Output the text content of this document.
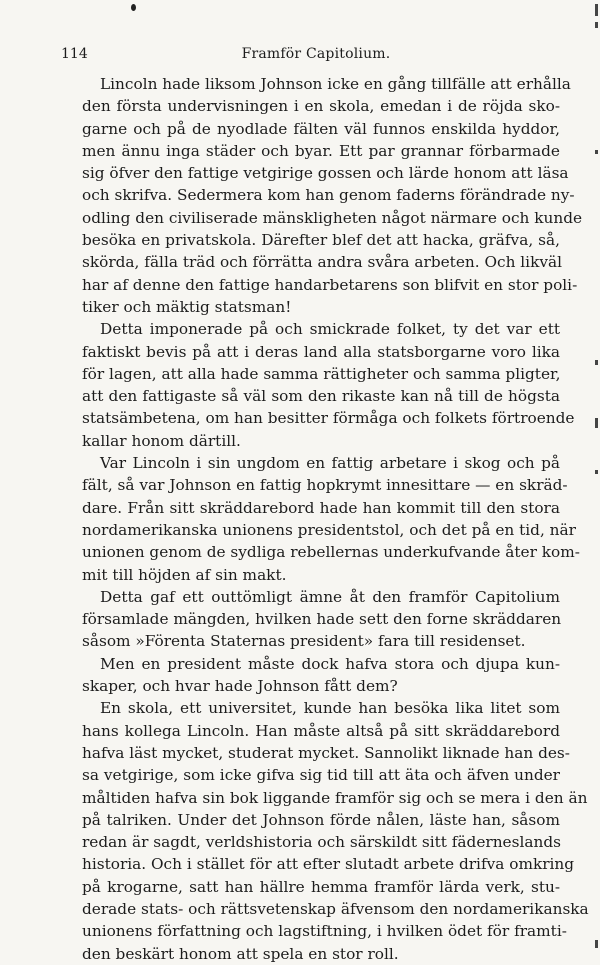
114	Framför Capitolium.
Lincoln hade liksom Johnson icke en gång tillfälle att erhålla
den första undervisningen i en skola, emedan i de röjda sko-
garne och på de nyodlade fälten väl funnos enskilda hyddor,
men ännu inga städer och byar. Ett par grannar förbarmade
sig öfver den fattige vetgirige gossen och lärde honom att läsa
och skrifva. Sedermera kom han genom faderns förändrade ny-
odling den civiliserade mänskligheten något närmare och kunde
besöka en privatskola. Därefter blef det att hacka, gräfva, så,
skörda, fälla träd och förrätta andra svåra arbeten. Och likväl
har af denne den fattige handarbetarens son blifvit en stor poli-
tiker och mäktig statsman!
Detta imponerade på och smickrade folket, ty det var ett
faktiskt bevis på att i deras land alla statsborgarne voro lika
för lagen, att alla hade samma rättigheter och samma pligter,
att den fattigaste så väl som den rikaste kan nå till de högsta
statsämbetena, om han besitter förmåga och folkets förtroende
kallar honom därtill.
Var Lincoln i sin ungdom en fattig arbetare i skog och på
fält, så var Johnson en fattig hopkrymt innesittare — en skräd-
dare. Från sitt skräddarebord hade han kommit till den stora
nordamerikanska unionens presidentstol, och det på en tid, när
unionen genom de sydliga rebellernas underkufvande åter kom-
mit till höjden af sin makt.
Detta gaf ett outtömligt ämne åt den framför Capitolium
församlade mängden, hvilken hade sett den forne skräddaren
såsom »Förenta Staternas president» fara till residenset.
Men en president måste dock hafva stora och djupa kun-
skaper, och hvar hade Johnson fått dem?
En skola, ett universitet, kunde han besöka lika litet som
hans kollega Lincoln. Han måste altså på sitt skräddarebord
hafva läst mycket, studerat mycket. Sannolikt liknade han des-
sa vetgirige, som icke gifva sig tid till att äta och äfven under
måltiden hafva sin bok liggande framför sig och se mera i den än
på talriken. Under det Johnson förde nålen, läste han, såsom
redan är sagdt, verldshistoria och särskildt sitt fäderneslands
historia. Och i stället för att efter slutadt arbete drifva omkring
på krogarne, satt han hällre hemma framför lärda verk, stu-
derade stats- och rättsvetenskap äfvensom den nordamerikanska
unionens författning och lagstiftning, i hvilken ödet för framti-
den beskärt honom att spela en stor roll.
